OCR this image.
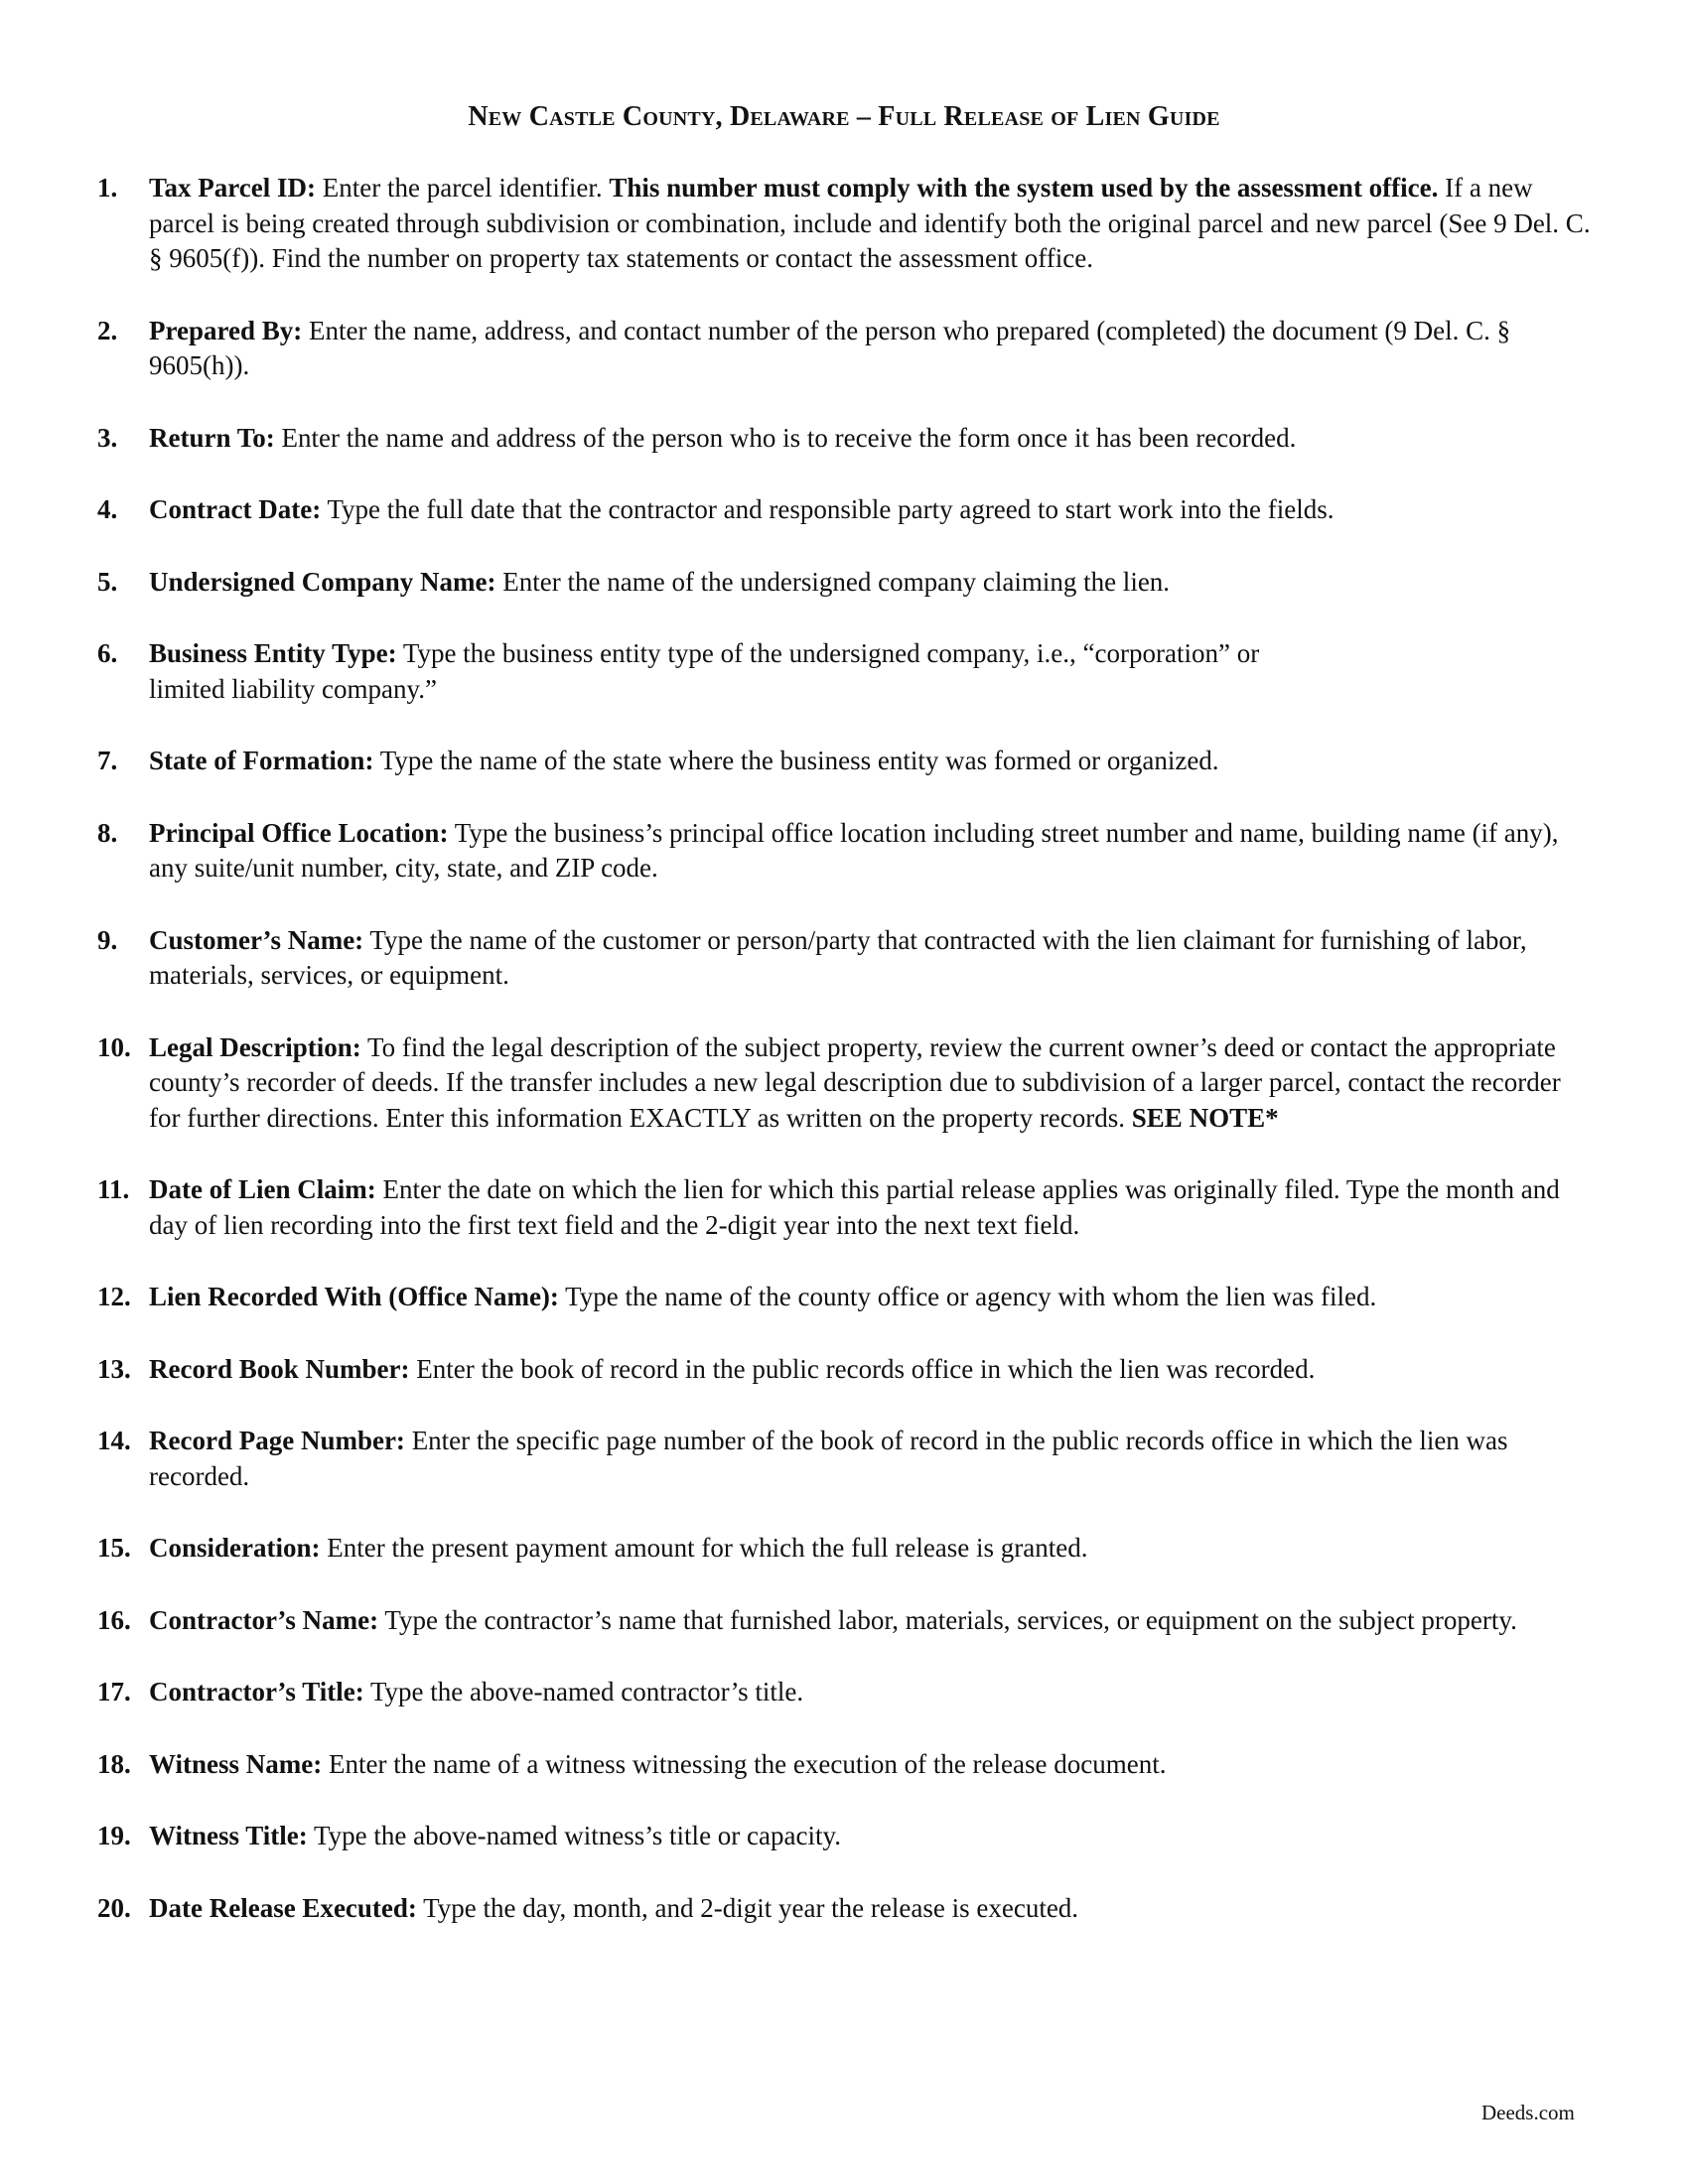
New Castle County, Delaware – Full Release of Lien Guide
1. Tax Parcel ID: Enter the parcel identifier. This number must comply with the system used by the assessment office. If a new parcel is being created through subdivision or combination, include and identify both the original parcel and new parcel (See 9 Del. C. § 9605(f)). Find the number on property tax statements or contact the assessment office.
2. Prepared By: Enter the name, address, and contact number of the person who prepared (completed) the document (9 Del. C. § 9605(h)).
3. Return To: Enter the name and address of the person who is to receive the form once it has been recorded.
4. Contract Date: Type the full date that the contractor and responsible party agreed to start work into the fields.
5. Undersigned Company Name: Enter the name of the undersigned company claiming the lien.
6. Business Entity Type: Type the business entity type of the undersigned company, i.e., “corporation” or
limited liability company.”
7. State of Formation: Type the name of the state where the business entity was formed or organized.
8. Principal Office Location: Type the business’s principal office location including street number and name, building name (if any), any suite/unit number, city, state, and ZIP code.
9. Customer’s Name: Type the name of the customer or person/party that contracted with the lien claimant for furnishing of labor, materials, services, or equipment.
10. Legal Description: To find the legal description of the subject property, review the current owner’s deed or contact the appropriate county’s recorder of deeds. If the transfer includes a new legal description due to subdivision of a larger parcel, contact the recorder for further directions. Enter this information EXACTLY as written on the property records. SEE NOTE*
11. Date of Lien Claim: Enter the date on which the lien for which this partial release applies was originally filed. Type the month and day of lien recording into the first text field and the 2-digit year into the next text field.
12. Lien Recorded With (Office Name): Type the name of the county office or agency with whom the lien was filed.
13. Record Book Number: Enter the book of record in the public records office in which the lien was recorded.
14. Record Page Number: Enter the specific page number of the book of record in the public records office in which the lien was recorded.
15. Consideration: Enter the present payment amount for which the full release is granted.
16. Contractor’s Name: Type the contractor’s name that furnished labor, materials, services, or equipment on the subject property.
17. Contractor’s Title: Type the above-named contractor’s title.
18. Witness Name: Enter the name of a witness witnessing the execution of the release document.
19. Witness Title: Type the above-named witness’s title or capacity.
20. Date Release Executed: Type the day, month, and 2-digit year the release is executed.
Deeds.com
